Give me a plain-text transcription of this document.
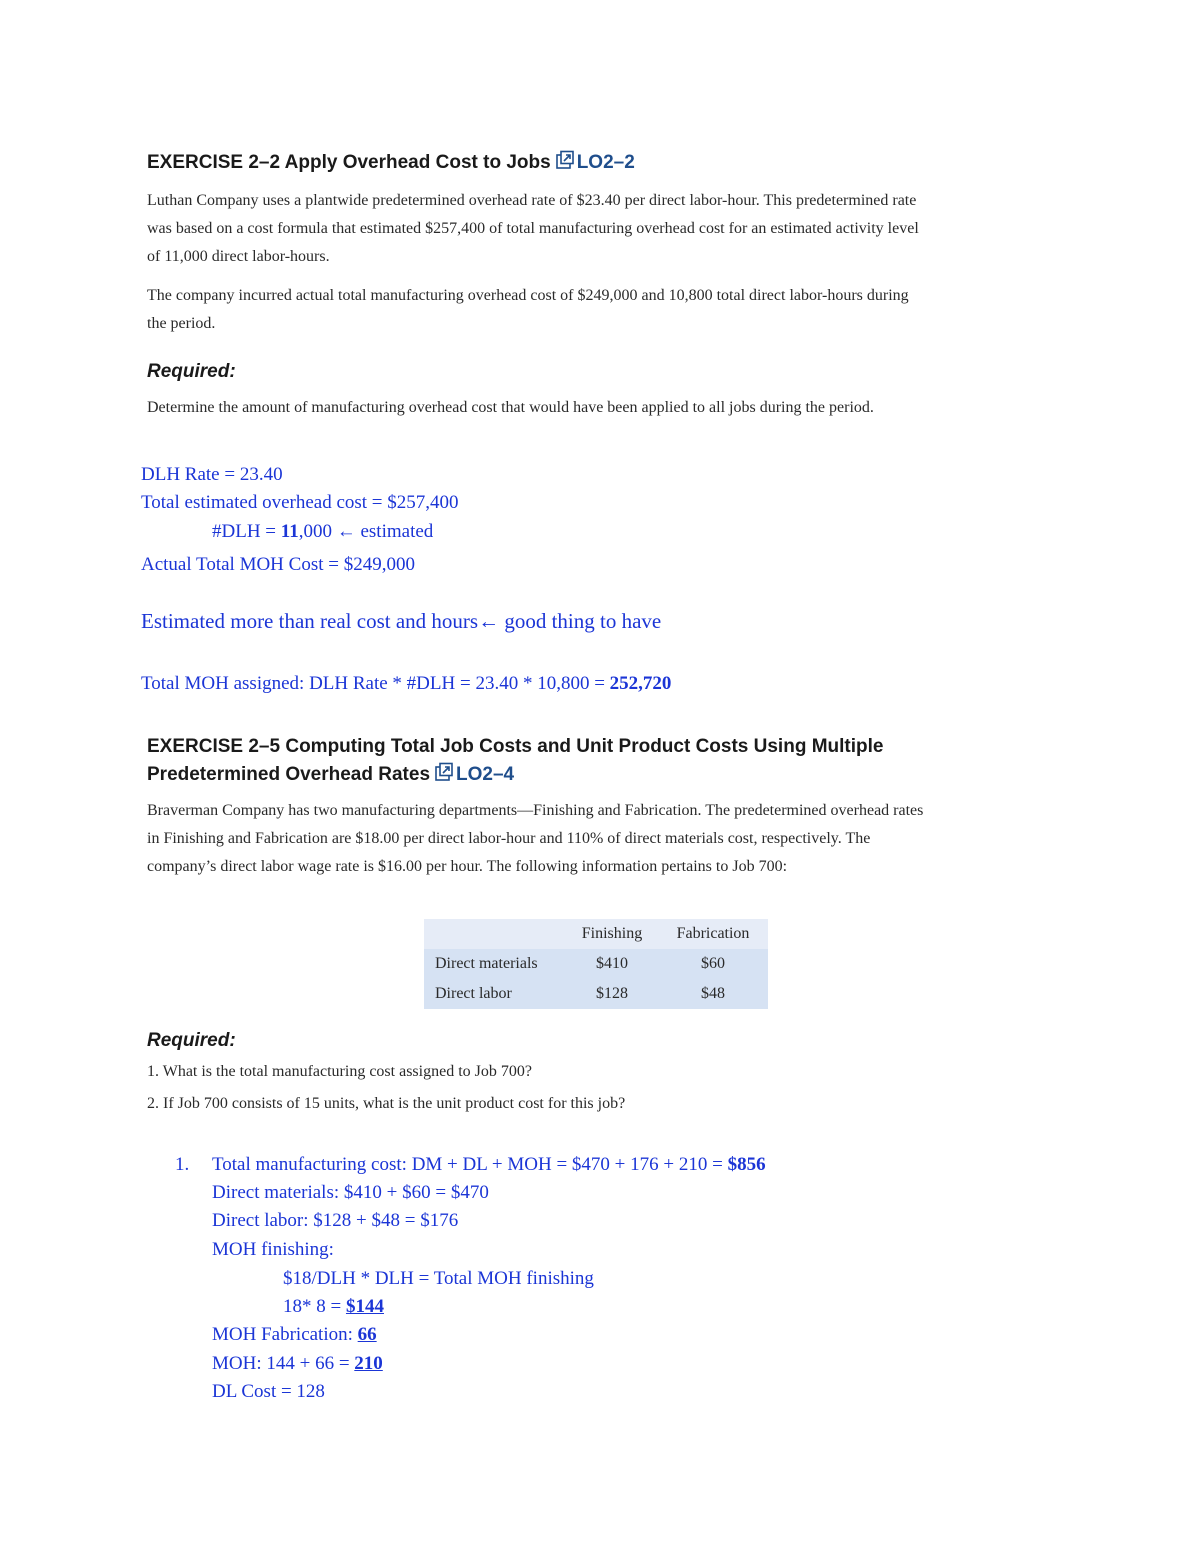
EXERCISE 2–2 Apply Overhead Cost to Jobs LO2–2
Luthan Company uses a plantwide predetermined overhead rate of $23.40 per direct labor-hour. This predetermined rate
was based on a cost formula that estimated $257,400 of total manufacturing overhead cost for an estimated activity level
of 11,000 direct labor-hours.
The company incurred actual total manufacturing overhead cost of $249,000 and 10,800 total direct labor-hours during
the period.
Required:
Determine the amount of manufacturing overhead cost that would have been applied to all jobs during the period.
DLH Rate = 23.40
Total estimated overhead cost = $257,400
#DLH = 11,000 ← estimated
Actual Total MOH Cost = $249,000
Estimated more than real cost and hours← good thing to have
Total MOH assigned: DLH Rate * #DLH = 23.40 * 10,800 = 252,720
EXERCISE 2–5 Computing Total Job Costs and Unit Product Costs Using Multiple
Predetermined Overhead Rates LO2–4
Braverman Company has two manufacturing departments—Finishing and Fabrication. The predetermined overhead rates
in Finishing and Fabrication are $18.00 per direct labor-hour and 110% of direct materials cost, respectively. The
company’s direct labor wage rate is $16.00 per hour. The following information pertains to Job 700:
	Finishing	Fabrication
Direct materials	$410	$60
Direct labor	$128	$48
Required:
1. What is the total manufacturing cost assigned to Job 700?
2. If Job 700 consists of 15 units, what is the unit product cost for this job?
1. Total manufacturing cost: DM + DL + MOH = $470 + 176 + 210 = $856
Direct materials: $410 + $60 = $470
Direct labor: $128 + $48 = $176
MOH finishing:
$18/DLH * DLH = Total MOH finishing
18* 8 = $144
MOH Fabrication: 66
MOH: 144 + 66 = 210
DL Cost = 128
